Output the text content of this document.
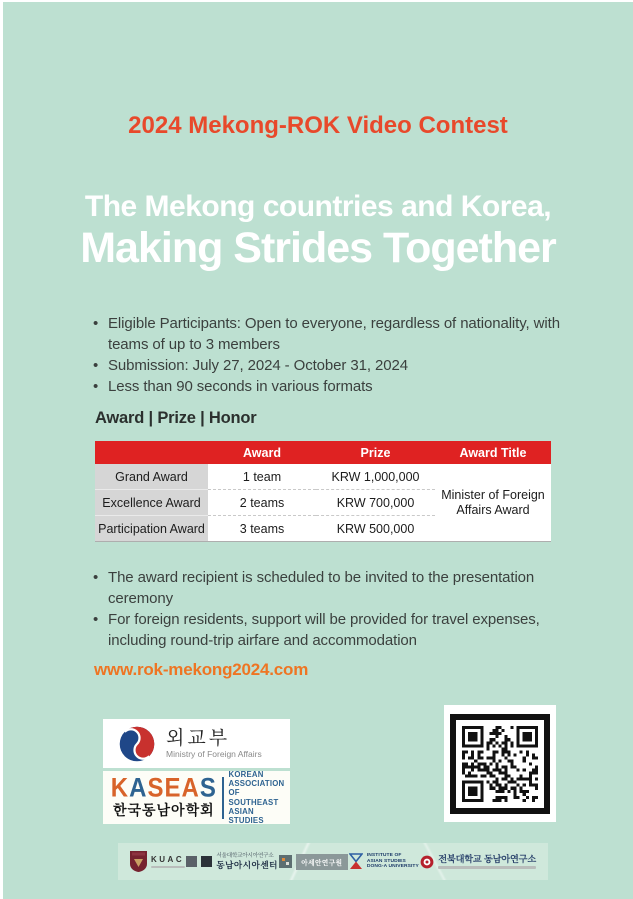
2024 Mekong-ROK Video Contest
The Mekong countries and Korea,
Making Strides Together
• Eligible Participants: Open to everyone, regardless of nationality, with teams of up to 3 members
• Submission: July 27, 2024 - October 31, 2024
• Less than 90 seconds in various formats
Award | Prize | Honor
	Award	Prize	Award Title
Grand Award	1 team	KRW 1,000,000	Minister of Foreign Affairs Award
Excellence Award	2 teams	KRW 700,000	
Participation Award	3 teams	KRW 500,000	
• The award recipient is scheduled to be invited to the presentation ceremony
• For foreign residents, support will be provided for travel expenses, including round-trip airfare and accommodation
www.rok-mekong2024.com
외교부
Ministry of Foreign Affairs
KASEAS
한국동남아학회
KOREAN
ASSOCIATION
OF
SOUTHEAST
ASIAN STUDIES
KUAC	서울대학교아시아연구소
동남아시아센터	아세안연구원
INSTITUTE OF
ASIAN STUDIES
DONG-A UNIVERSITY
전북대학교 동남아연구소
